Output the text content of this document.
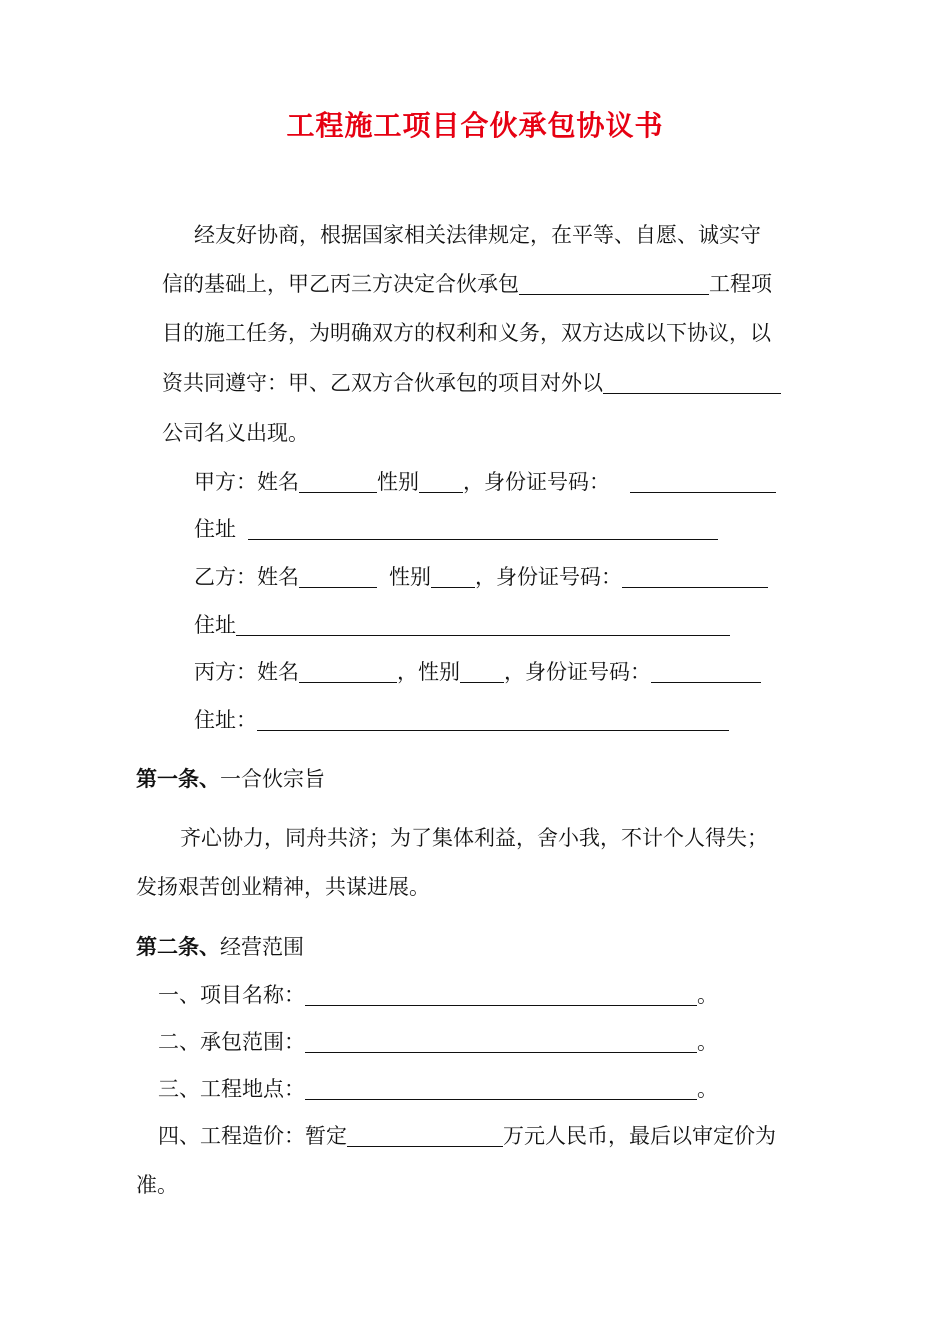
工程施工项目合伙承包协议书
经友好协商，根据国家相关法律规定，在平等、自愿、诚实守
信的基础上，甲乙丙三方决定合伙承包	工程项
目的施工任务，为明确双方的权利和义务，双方达成以下协议，以
资共同遵守：甲、乙双方合伙承包的项目对外以
公司名义出现。
甲方：姓名	性别 ，身份证号码：
住址
乙方：姓名	性别 ，身份证号码：
住址
丙方：姓名	，性别 ，身份证号码：
住址：
第一条、一合伙宗旨
齐心协力，同舟共济；为了集体利益，舍小我，不计个人得失；
发扬艰苦创业精神，共谋进展。
第二条、经营范围
一、项目名称：	。
二、承包范围：	。
三、工程地点：	。
四、工程造价：暂定	万元人民币，最后以审定价为
准。
